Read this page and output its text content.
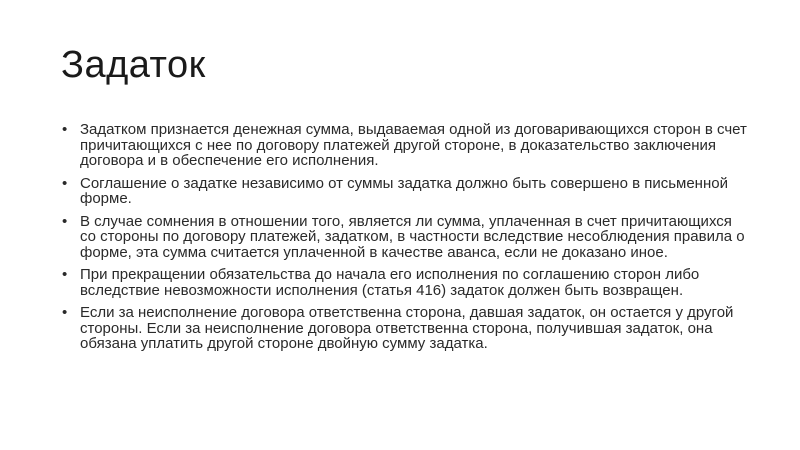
Задаток
• Задатком признается денежная сумма, выдаваемая одной из договаривающихся сторон в счет причитающихся с нее по договору платежей другой стороне, в доказательство заключения договора и в обеспечение его исполнения.
• Соглашение о задатке независимо от суммы задатка должно быть совершено в письменной форме.
• В случае сомнения в отношении того, является ли сумма, уплаченная в счет причитающихся со стороны по договору платежей, задатком, в частности вследствие несоблюдения правила о форме, эта сумма считается уплаченной в качестве аванса, если не доказано иное.
• При прекращении обязательства до начала его исполнения по соглашению сторон либо вследствие невозможности исполнения (статья 416) задаток должен быть возвращен.
• Если за неисполнение договора ответственна сторона, давшая задаток, он остается у другой стороны. Если за неисполнение договора ответственна сторона, получившая задаток, она обязана уплатить другой стороне двойную сумму задатка.
